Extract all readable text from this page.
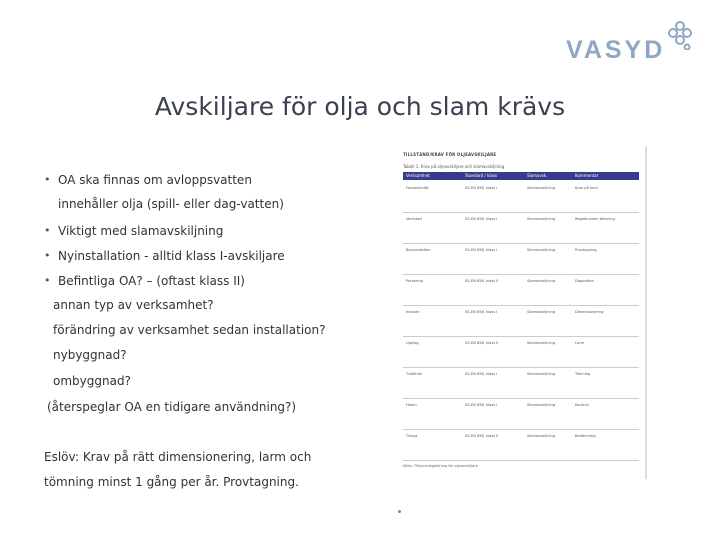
VASYD
Avskiljare för olja och slam krävs
• OA ska finnas om avloppsvatten
innehåller olja (spill- eller dag-vatten)
• Viktigt med slamavskiljning
• Nyinstallation - alltid klass I-avskiljare
• Befintliga OA? – (oftast klass II)
annan typ av verksamhet?
förändring av verksamhet sedan installation?
nybyggnad?
ombyggnad?
(återspeglar OA en tidigare användning?)
Eslöv: Krav på rätt dimensionering, larm och
tömning minst 1 gång per år. Provtagning.
TILLSTÅND/KRAV FÖR OLJEAVSKILJARE
Tabell 1. Krav på oljeavskiljare och slamavskiljning
Verksamhet	Standard / klass	Slamavsk.	Kommentar
Fordonstvätt	SS-EN 858, klass I	Slamavskiljning	Krav på larm
Verkstad	SS-EN 858, klass I	Slamavskiljning	Regelbunden tömning
Bensinstation	SS-EN 858, klass I	Slamavskiljning	Provtagning
Parkering	SS-EN 858, klass II	Slamavskiljning	Dagvatten
Industri	SS-EN 858, klass I	Slamavskiljning	Dimensionering
Upplag	SS-EN 858, klass II	Slamavskiljning	Larm
Tvätthall	SS-EN 858, klass I	Slamavskiljning	Tömning
Hamn	SS-EN 858, klass I	Slamavskiljning	Kontroll
Övrigt	SS-EN 858, klass II	Slamavskiljning	Bedömning
Källa: Tillsynsvägledning för oljeavskiljare
